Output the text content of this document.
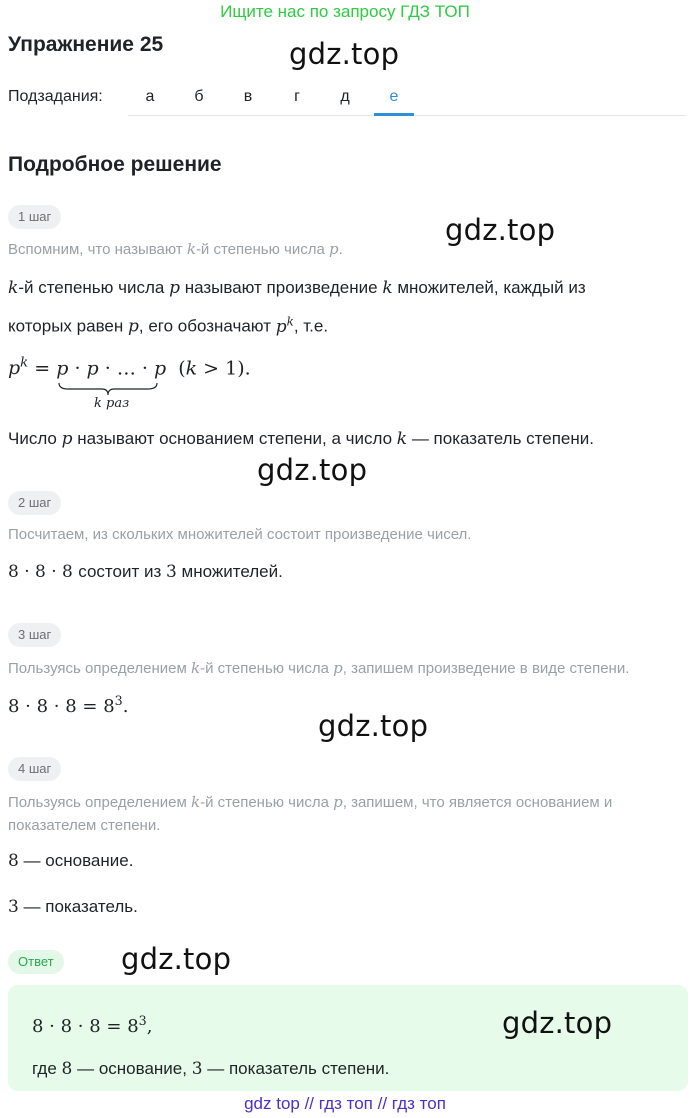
Ищите нас по запросу ГДЗ ТОП
Упражнение 25	gdz.top
Подзадания:	а	б	в	г	д	е
Подробное решение
1 шаг	gdz.top
Вспомним, что называют k-й степенью числа p.
k-й степенью числа p называют произведение k множителей, каждый из
которых равен p, его обозначают $p^k$, т.е.
$p^k = p \cdot p$ · … · p  (k > 1).
k раз
Число p называют основанием степени, а число k — показатель степени.
gdz.top
2 шаг
Посчитаем, из скольких множителей состоит произведение чисел.
8 · 8 · 8 состоит из 3 множителей.
3 шаг
Пользуясь определением k-й степенью числа p, запишем произведение в виде степени.
$8 \cdot 8 \cdot 8 = 8^3$.
gdz.top
4 шаг
Пользуясь определением k-й степенью числа p, запишем, что является основанием и
показателем степени.
8 — основание.
3 — показатель.
Ответ	gdz.top
$8 \cdot 8 \cdot 8 = 8^3$,	gdz.top
где 8 — основание, 3 — показатель степени.
gdz top // гдз топ // гдз топ
